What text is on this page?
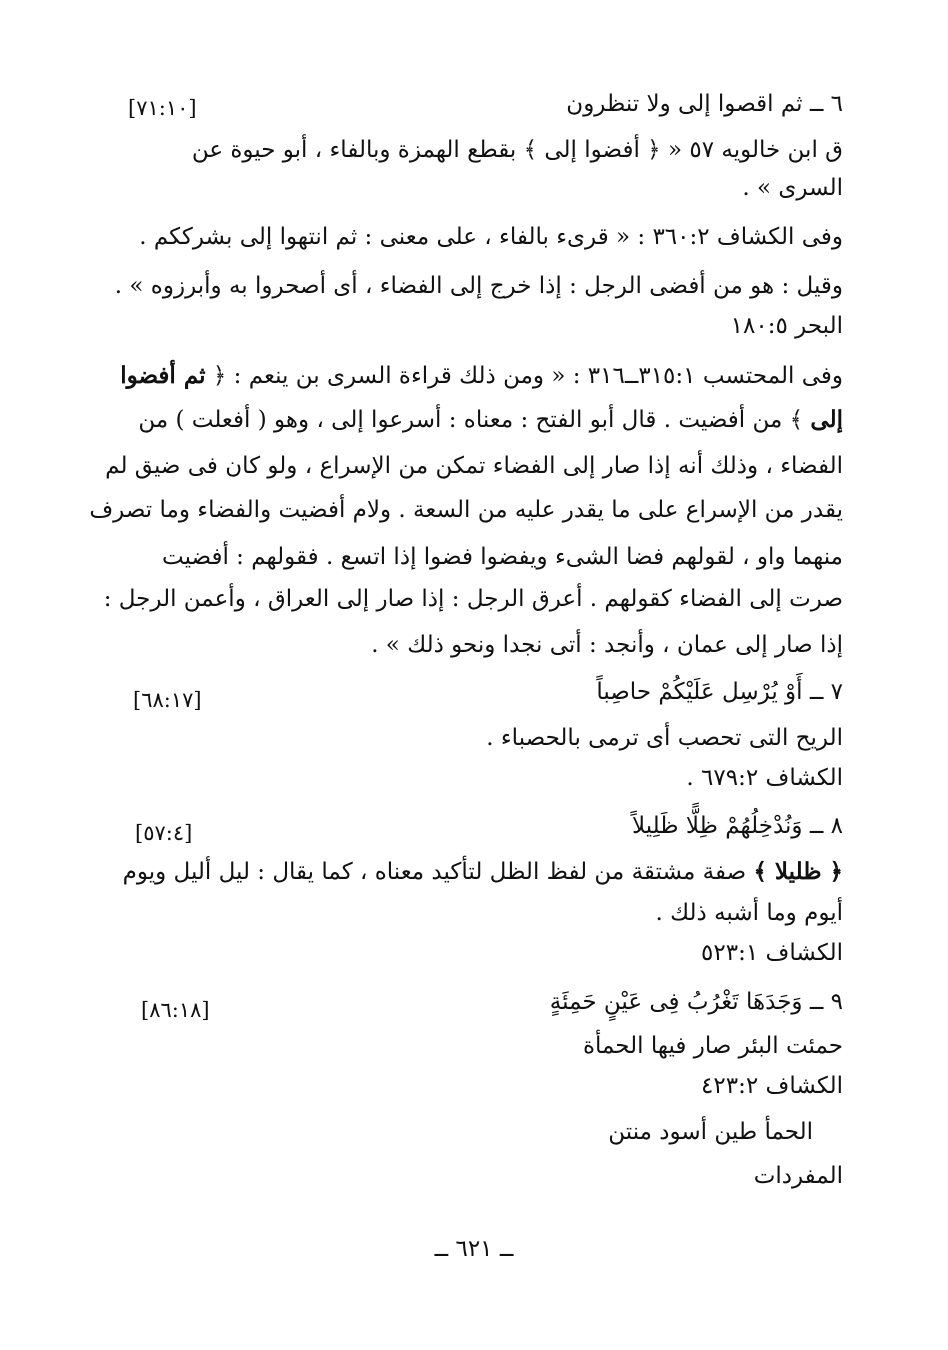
٦ ــ ثم اقصوا إلى ولا تنظرون
[٧١:١٠]
ق ابن خالويه ٥٧ « ﴿ أفضوا إلى ﴾ بقطع الهمزة وبالفاء ، أبو حيوة عن
السرى » .
وفى الكشاف ٣٦٠:٢ : « قرىء بالفاء ، على معنى : ثم انتهوا إلى بشرككم .
وقيل : هو من أفضى الرجل : إذا خرج إلى الفضاء ، أى أصحروا به وأبرزوه » .
البحر ١٨٠:٥
وفى المحتسب ٣١٥:١ــ٣١٦ : « ومن ذلك قراءة السرى بن ينعم : ﴿ ثم أفضوا
إلى ﴾ من أفضيت . قال أبو الفتح : معناه : أسرعوا إلى ، وهو ( أفعلت ) من
الفضاء ، وذلك أنه إذا صار إلى الفضاء تمكن من الإسراع ، ولو كان فى ضيق لم
يقدر من الإسراع على ما يقدر عليه من السعة . ولام أفضيت والفضاء وما تصرف
منهما واو ، لقولهم فضا الشىء ويفضوا فضوا إذا اتسع . فقولهم : أفضيت
صرت إلى الفضاء كقولهم . أعرق الرجل : إذا صار إلى العراق ، وأعمن الرجل :
إذا صار إلى عمان ، وأنجد : أتى نجدا ونحو ذلك » .
٧ ــ أَوْ يُرْسِل عَلَيْكُمْ حاصِباً
[٦٨:١٧]
الريح التى تحصب أى ترمى بالحصباء .
الكشاف ٦٧٩:٢ .
٨ ــ وَنُدْخِلُهُمْ ظِلًّا ظَلِيلاً
[٥٧:٤]
﴿ ظليلا ﴾ صفة مشتقة من لفظ الظل لتأكيد معناه ، كما يقال : ليل أليل ويوم
أيوم وما أشبه ذلك .
الكشاف ٥٢٣:١
٩ ــ وَجَدَهَا تَغْرُبُ فِى عَيْنٍ حَمِئَةٍ
[٨٦:١٨]
حمئت البئر صار فيها الحمأة
الكشاف ٤٢٣:٢
الحمأ طين أسود منتن
المفردات
ــ ٦٢١ ــ
